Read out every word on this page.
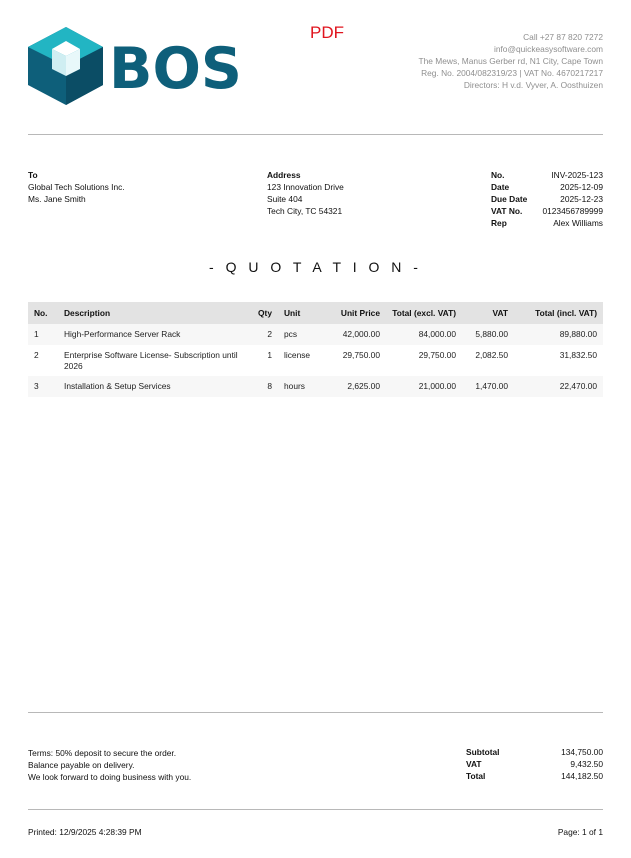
BOS
PDF	Call +27 87 820 7272
info@quickeasysoftware.com
The Mews, Manus Gerber rd, N1 City, Cape Town
Reg. No. 2004/082319/23 | VAT No. 4670217217
Directors: H v.d. Vyver, A. Oosthuizen
To
Global Tech Solutions Inc.
Ms. Jane Smith
Address
123 Innovation Drive
Suite 404
Tech City, TC 54321
No.	INV-2025-123
Date	2025-12-09
Due Date	2025-12-23
VAT No.	0123456789999
Rep	Alex Williams
- Q U O T A T I O N -
No.	Description	Qty	Unit	Unit Price	Total (excl. VAT)	VAT	Total (incl. VAT)
1	High-Performance Server Rack	2	pcs	42,000.00	84,000.00	5,880.00	89,880.00
2	Enterprise Software License- Subscription until 2026	1	license	29,750.00	29,750.00	2,082.50	31,832.50
3	Installation & Setup Services	8	hours	2,625.00	21,000.00	1,470.00	22,470.00
Terms: 50% deposit to secure the order.
Balance payable on delivery.
We look forward to doing business with you.
Subtotal	134,750.00
VAT	9,432.50
Total	144,182.50
Printed: 12/9/2025 4:28:39 PM	Page: 1 of 1
